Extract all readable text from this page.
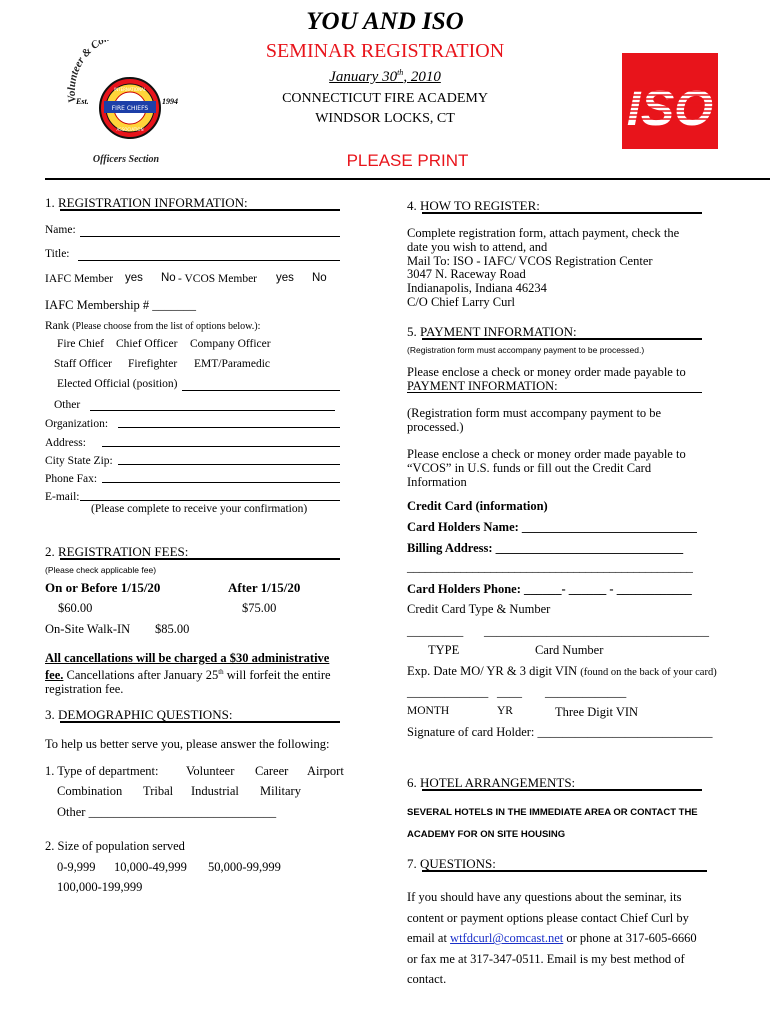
YOU AND ISO
SEMINAR REGISTRATION
January 30th, 2010
CONNECTICUT FIRE ACADEMY
WINDSOR LOCKS, CT
PLEASE PRINT
Volunteer & Co
INTERNATIONAL
FIRE CHIEFS
ASSOCIATION
Est.	1994
Officers Section
ISO
1. REGISTRATION INFORMATION:
Name:
Title:
IAFC Member yes No - VCOS Member yes No
IAFC Membership # _______
Rank (Please choose from the list of options below.):
Fire Chief Chief Officer Company Officer
Staff Officer Firefighter EMT/Paramedic
Elected Official (position)
Other
Organization:
Address:
City State Zip:
Phone Fax:
E-mail:
(Please complete to receive your confirmation)
2. REGISTRATION FEES:
(Please check applicable fee)
On or Before 1/15/20	After 1/15/20
$60.00	$75.00
On-Site Walk-IN $85.00
All cancellations will be charged a $30 administrative
fee. Cancellations after January 25th will forfeit the entire
registration fee.
3. DEMOGRAPHIC QUESTIONS:
To help us better serve you, please answer the following:
1. Type of department: Volunteer Career Airport
Combination Tribal Industrial Military
Other ______________________________
2. Size of population served
0-9,999 10,000-49,999 50,000-99,999
100,000-199,999
4. HOW TO REGISTER:
Complete registration form, attach payment, check the
date you wish to attend, and
Mail To: ISO - IAFC/ VCOS Registration Center
3047 N. Raceway Road
Indianapolis, Indiana 46234
C/O Chief Larry Curl
5. PAYMENT INFORMATION:
(Registration form must accompany payment to be processed.)
Please enclose a check or money order made payable to
PAYMENT INFORMATION:
(Registration form must accompany payment to be
processed.)
Please enclose a check or money order made payable to
“VCOS” in U.S. funds or fill out the Credit Card
Information
Credit Card (information)
Card Holders Name: ____________________________
Billing Address: ______________________________
________________________________________________
Card Holders Phone: ______- ______ - ____________
Credit Card Type & Number
_________ ____________________________________
TYPE	Card Number
Exp. Date MO/ YR & 3 digit VIN (found on the back of your card)
_____________ ____ _____________
MONTH	YR	Three Digit VIN
Signature of card Holder: ____________________________
6. HOTEL ARRANGEMENTS:
SEVERAL HOTELS IN THE IMMEDIATE AREA OR CONTACT THE
ACADEMY FOR ON SITE HOUSING
7. QUESTIONS:
If you should have any questions about the seminar, its
content or payment options please contact Chief Curl by
email at wtfdcurl@comcast.net or phone at 317-605-6660
or fax me at 317-347-0511. Email is my best method of
contact.
